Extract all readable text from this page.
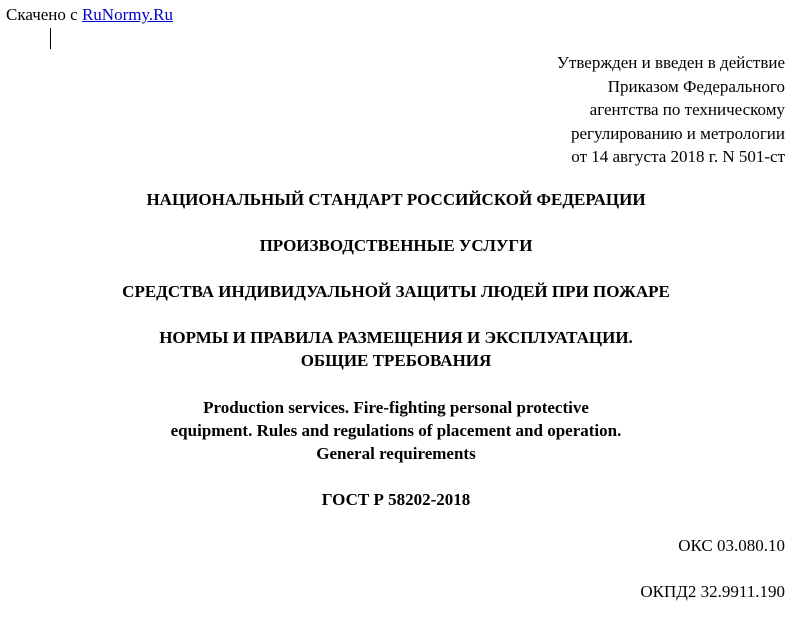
Скачено с RuNormy.Ru
Утвержден и введен в действие
Приказом Федерального
агентства по техническому
регулированию и метрологии
от 14 августа 2018 г. N 501-ст
НАЦИОНАЛЬНЫЙ СТАНДАРТ РОССИЙСКОЙ ФЕДЕРАЦИИ
ПРОИЗВОДСТВЕННЫЕ УСЛУГИ
СРЕДСТВА ИНДИВИДУАЛЬНОЙ ЗАЩИТЫ ЛЮДЕЙ ПРИ ПОЖАРЕ
НОРМЫ И ПРАВИЛА РАЗМЕЩЕНИЯ И ЭКСПЛУАТАЦИИ.
ОБЩИЕ ТРЕБОВАНИЯ
Production services. Fire-fighting personal protective
equipment. Rules and regulations of placement and operation.
General requirements
ГОСТ Р 58202-2018
ОКС 03.080.10
ОКПД2 32.9911.190
